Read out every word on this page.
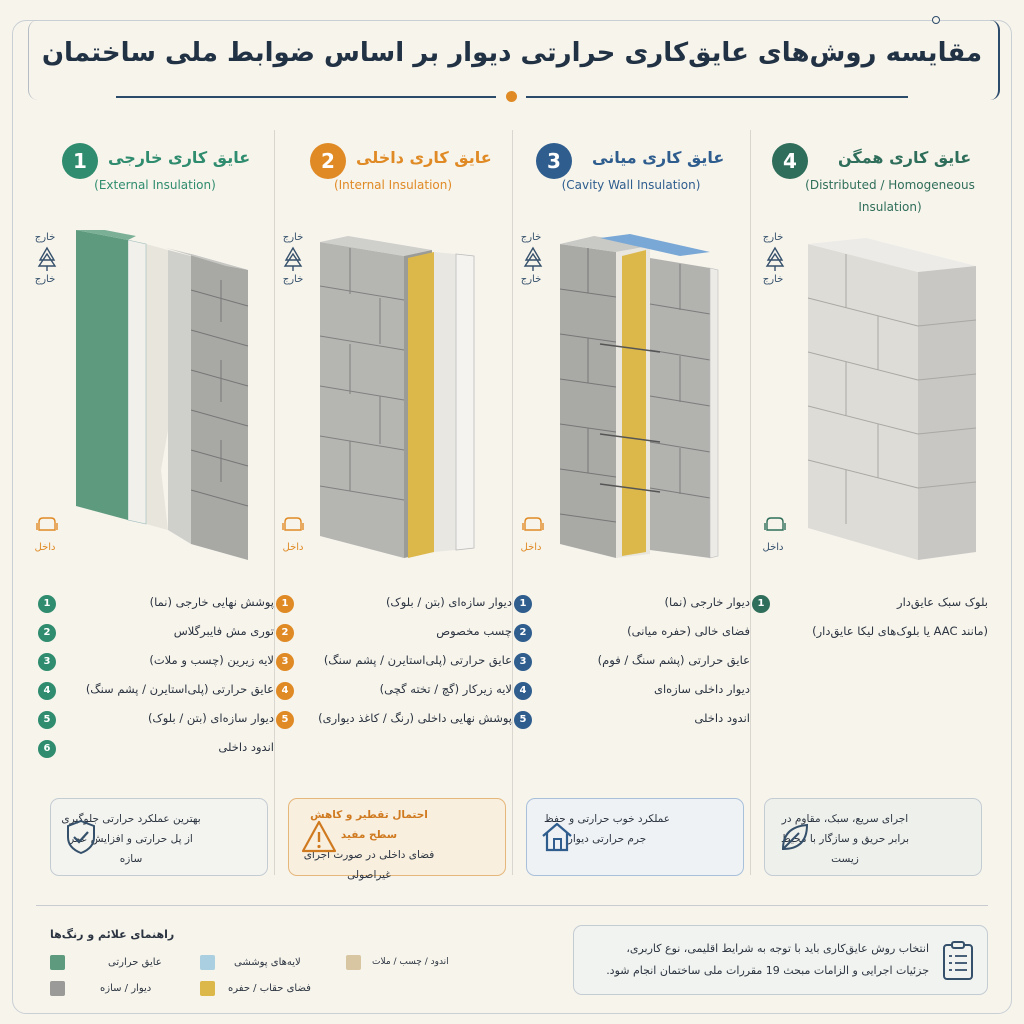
مقایسه روش‌های عایق‌کاری حرارتی دیوار بر اساس ضوابط ملی ساختمان
1	عایق کاری خارجی
(External Insulation)
خارج
خارج
داخل
1	پوشش نهایی خارجی (نما)
2	توری مش فایبرگلاس
3	لایه زیرین (چسب و ملات)
4	عایق حرارتی (پلی‌استایرن / پشم سنگ)
5	دیوار سازه‌ای (بتن / بلوک)
6	اندود داخلی
بهترین عملکرد حرارتی جلوگیری از پل حرارتی و افزایش عمر سازه
2	عایق کاری داخلی
(Internal Insulation)
خارج
خارج
داخل
1	دیوار سازه‌ای (بتن / بلوک)
2	چسب مخصوص
3	عایق حرارتی (پلی‌استایرن / پشم سنگ)
4	لایه زیرکار (گچ / تخته گچی)
5	پوشش نهایی داخلی (رنگ / کاغذ دیواری)
احتمال تقطیر و کاهش سطح مفید
فضای داخلی در صورت اجرای غیراصولی
3	عایق کاری میانی
(Cavity Wall Insulation)
خارج
خارج
داخل
1	دیوار خارجی (نما)
2	فضای خالی (حفره میانی)
3	عایق حرارتی (پشم سنگ / فوم)
4	دیوار داخلی سازه‌ای
5	اندود داخلی
عملکرد خوب حرارتی و حفظ جرم حرارتی دیوار
4	عایق کاری همگن
(Distributed / Homogeneous Insulation)
خارج
خارج
داخل
1	بلوک سبک عایق‌دار
(مانند AAC یا بلوک‌های لیکا عایق‌دار)
اجرای سریع، سبک، مقاوم در برابر حریق و سازگار با محیط زیست
راهنمای علائم و رنگ‌ها
عایق حرارتی	لایه‌های پوششی	اندود / چسب / ملات
دیوار / سازه	فضای حقاب / حفره
انتخاب روش عایق‌کاری باید با توجه به شرایط اقلیمی، نوع کاربری، جزئیات اجرایی و الزامات مبحث 19 مقررات ملی ساختمان انجام شود.
